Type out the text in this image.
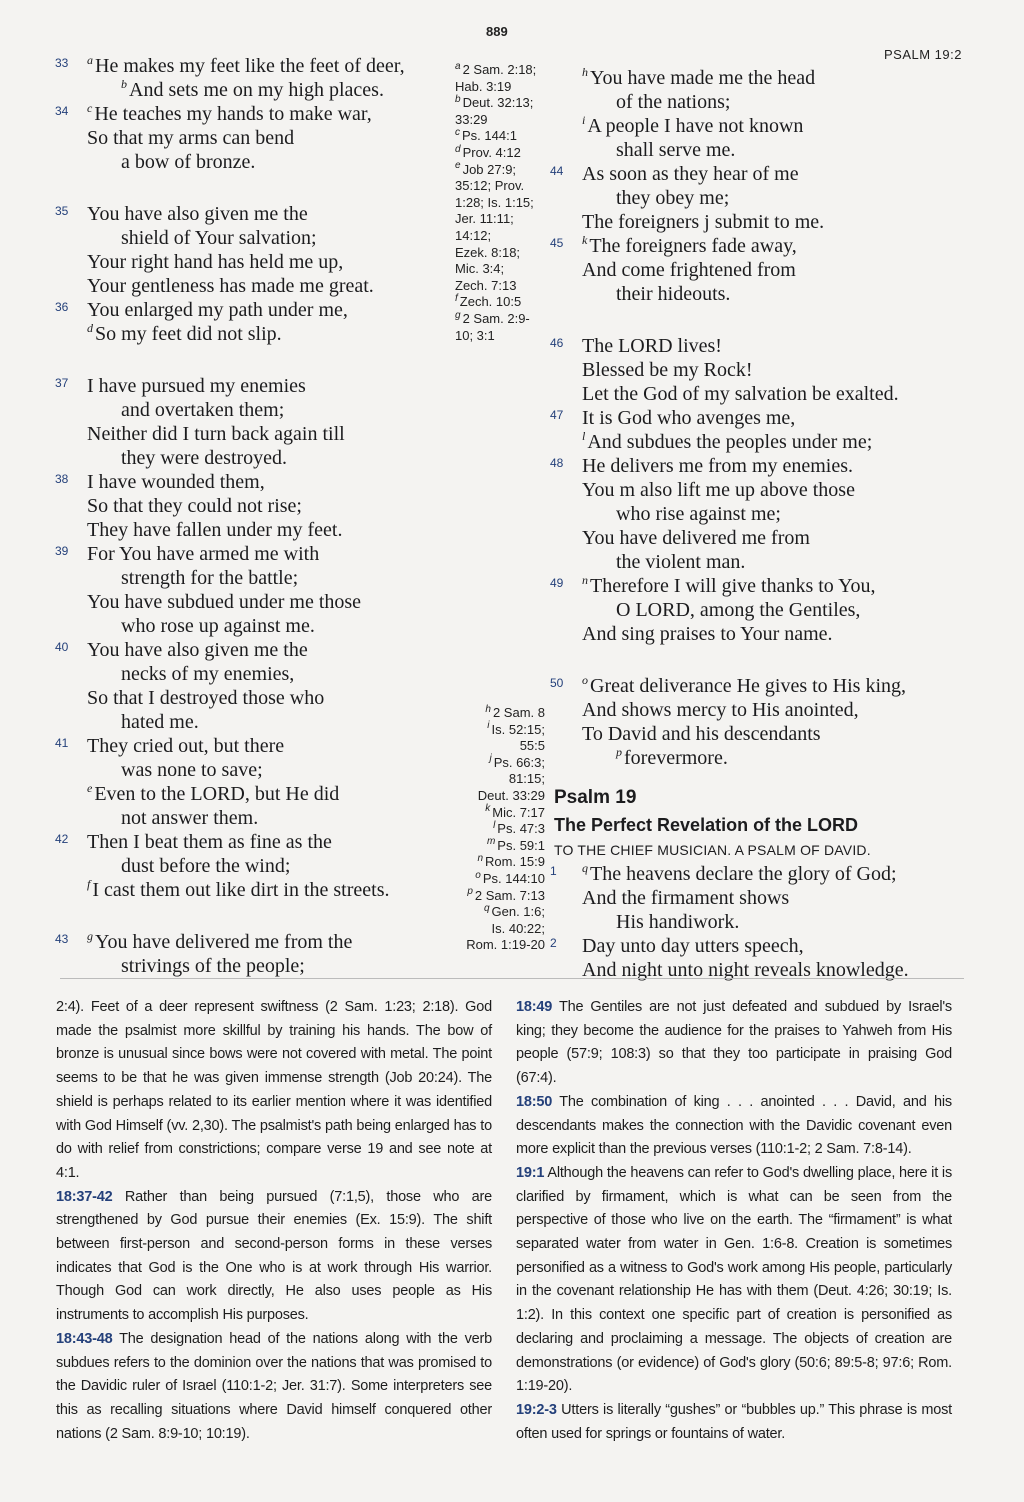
889
PSALM 19:2
33 $^a$ He makes my feet like the feet of deer,
$^b$ And sets me on my high places.
34 $^c$ He teaches my hands to make war,
So that my arms can bend
a bow of bronze.
35 You have also given me the
shield of Your salvation;
Your right hand has held me up,
Your gentleness has made me great.
36 You enlarged my path under me,
$^d$ So my feet did not slip.
37 I have pursued my enemies
and overtaken them;
Neither did I turn back again till
they were destroyed.
38 I have wounded them,
So that they could not rise;
They have fallen under my feet.
39 For You have armed me with
strength for the battle;
You have subdued under me those
who rose up against me.
40 You have also given me the
necks of my enemies,
So that I destroyed those who
hated me.
41 They cried out, but there
was none to save;
$^e$ Even to the LORD, but He did
not answer them.
42 Then I beat them as fine as the
dust before the wind;
$^f$ I cast them out like dirt in the streets.
43 $^g$ You have delivered me from the
strivings of the people;
$^a$ 2 Sam. 2:18;
Hab. 3:19
$^b$ Deut. 32:13;
33:29
$^c$ Ps. 144:1
$^d$ Prov. 4:12
$^e$ Job 27:9;
35:12; Prov.
1:28; Is. 1:15;
Jer. 11:11;
14:12;
Ezek. 8:18;
Mic. 3:4;
Zech. 7:13
$^f$ Zech. 10:5
$^g$ 2 Sam. 2:9-
10; 3:1
$^h$ 2 Sam. 8
$^i$ Is. 52:15;
55:5
$^j$ Ps. 66:3;
81:15;
Deut. 33:29
$^k$ Mic. 7:17
$^l$ Ps. 47:3
$^m$ Ps. 59:1
$^n$ Rom. 15:9
$^o$ Ps. 144:10
$^p$ 2 Sam. 7:13
$^q$ Gen. 1:6;
Is. 40:22;
Rom. 1:19-20
$^h$ You have made me the head
of the nations;
$^i$ A people I have not known
shall serve me.
44 As soon as they hear of me
they obey me;
The foreigners j submit to me.
45 $^k$ The foreigners fade away,
And come frightened from
their hideouts.
46 The LORD lives!
Blessed be my Rock!
Let the God of my salvation be exalted.
47 It is God who avenges me,
$^l$ And subdues the peoples under me;
48 He delivers me from my enemies.
You m also lift me up above those
who rise against me;
You have delivered me from
the violent man.
49 $^n$ Therefore I will give thanks to You,
O LORD, among the Gentiles,
And sing praises to Your name.
50 $^o$ Great deliverance He gives to His king,
And shows mercy to His anointed,
To David and his descendants
$^p$ forevermore.
Psalm 19
The Perfect Revelation of the LORD
TO THE CHIEF MUSICIAN. A PSALM OF DAVID.
1 $^q$ The heavens declare the glory of God;
And the firmament shows
His handiwork.
2 Day unto day utters speech,
And night unto night reveals knowledge.

2:4). Feet of a deer represent swiftness (2 Sam. 1:23; 2:18). God made the psalmist more skillful by training his hands. The bow of bronze is unusual since bows were not covered with metal. The point seems to be that he was given immense strength (Job 20:24). The shield is perhaps related to its earlier mention where it was identified with God Himself (vv. 2,30). The psalmist's path being enlarged has to do with relief from constrictions; compare verse 19 and see note at 4:1.

18:37-42 Rather than being pursued (7:1,5), those who are strengthened by God pursue their enemies (Ex. 15:9). The shift between first-person and second-person forms in these verses indicates that God is the One who is at work through His warrior. Though God can work directly, He also uses people as His instruments to accomplish His purposes.

18:43-48 The designation head of the nations along with the verb subdues refers to the dominion over the nations that was promised to the Davidic ruler of Israel (110:1-2; Jer. 31:7). Some interpreters see this as recalling situations where David himself conquered other nations (2 Sam. 8:9-10; 10:19).

18:49 The Gentiles are not just defeated and subdued by Israel's king; they become the audience for the praises to Yahweh from His people (57:9; 108:3) so that they too participate in praising God (67:4).

18:50 The combination of king . . . anointed . . . David, and his descendants makes the connection with the Davidic covenant even more explicit than the previous verses (110:1-2; 2 Sam. 7:8-14).

19:1 Although the heavens can refer to God's dwelling place, here it is clarified by firmament, which is what can be seen from the perspective of those who live on the earth. The “firmament” is what separated water from water in Gen. 1:6-8. Creation is sometimes personified as a witness to God's work among His people, particularly in the covenant relationship He has with them (Deut. 4:26; 30:19; Is. 1:2). In this context one specific part of creation is personified as declaring and proclaiming a message. The objects of creation are demonstrations (or evidence) of God's glory (50:6; 89:5-8; 97:6; Rom. 1:19-20).

19:2-3 Utters is literally “gushes” or “bubbles up.” This phrase is most often used for springs or fountains of water.
